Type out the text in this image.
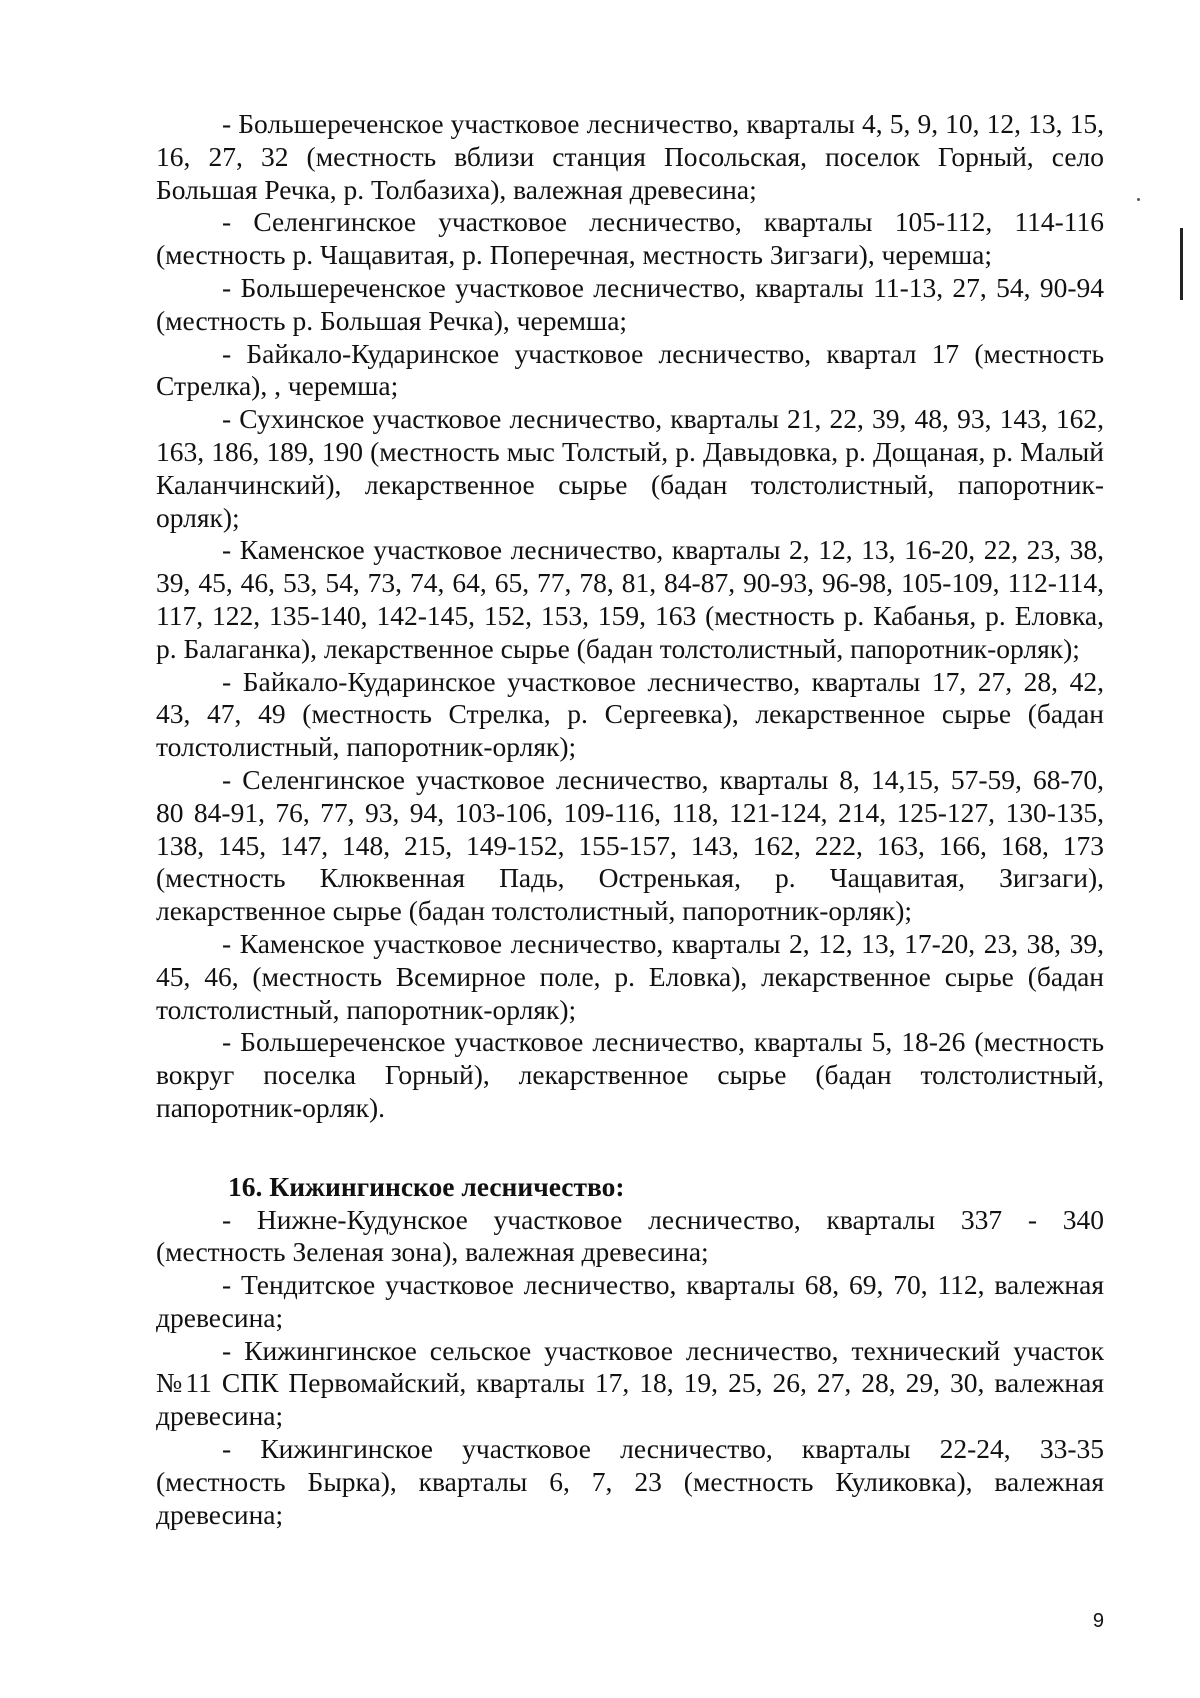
- Большереченское участковое лесничество, кварталы 4, 5, 9, 10, 12, 13, 15, 16, 27, 32 (местность вблизи станция Посольская, поселок Горный, село Большая Речка, р. Толбазиха), валежная древесина;

- Селенгинское участковое лесничество, кварталы 105-112, 114-116 (местность р. Чащавитая, р. Поперечная, местность Зигзаги), черемша;

- Большереченское участковое лесничество, кварталы 11-13, 27, 54, 90-94 (местность р. Большая Речка), черемша;

- Байкало-Кударинское участковое лесничество, квартал 17 (местность Стрелка), , черемша;

- Сухинское участковое лесничество, кварталы 21, 22, 39, 48, 93, 143, 162, 163, 186, 189, 190 (местность мыс Толстый, р. Давыдовка, р. Дощаная, р. Малый Каланчинский), лекарственное сырье (бадан толстолистный, папоротник-орляк);

- Каменское участковое лесничество, кварталы 2, 12, 13, 16-20, 22, 23, 38, 39, 45, 46, 53, 54, 73, 74, 64, 65, 77, 78, 81, 84-87, 90-93, 96-98, 105-109, 112-114, 117, 122, 135-140, 142-145, 152, 153, 159, 163 (местность р. Кабанья, р. Еловка, р. Балаганка), лекарственное сырье (бадан толстолистный, папоротник-орляк);

- Байкало-Кударинское участковое лесничество, кварталы 17, 27, 28, 42, 43, 47, 49 (местность Стрелка, р. Сергеевка), лекарственное сырье (бадан толстолистный, папоротник-орляк);

- Селенгинское участковое лесничество, кварталы 8, 14,15, 57-59, 68-70, 80 84-91, 76, 77, 93, 94, 103-106, 109-116, 118, 121-124, 214, 125-127, 130-135, 138, 145, 147, 148, 215, 149-152, 155-157, 143, 162, 222, 163, 166, 168, 173 (местность Клюквенная Падь, Остренькая, р. Чащавитая, Зигзаги), лекарственное сырье (бадан толстолистный, папоротник-орляк);

- Каменское участковое лесничество, кварталы 2, 12, 13, 17-20, 23, 38, 39, 45, 46, (местность Всемирное поле, р. Еловка), лекарственное сырье (бадан толстолистный, папоротник-орляк);

- Большереченское участковое лесничество, кварталы 5, 18-26 (местность вокруг поселка Горный), лекарственное сырье (бадан толстолистный, папоротник-орляк).

16. Кижингинское лесничество:

- Нижне-Кудунское участковое лесничество, кварталы 337 - 340 (местность Зеленая зона), валежная древесина;

- Тендитское участковое лесничество, кварталы 68, 69, 70, 112, валежная древесина;

- Кижингинское сельское участковое лесничество, технический участок №11 СПК Первомайский, кварталы 17, 18, 19, 25, 26, 27, 28, 29, 30, валежная древесина;

- Кижингинское участковое лесничество, кварталы 22-24, 33-35 (местность Бырка), кварталы 6, 7, 23 (местность Куликовка), валежная древесина;

9
